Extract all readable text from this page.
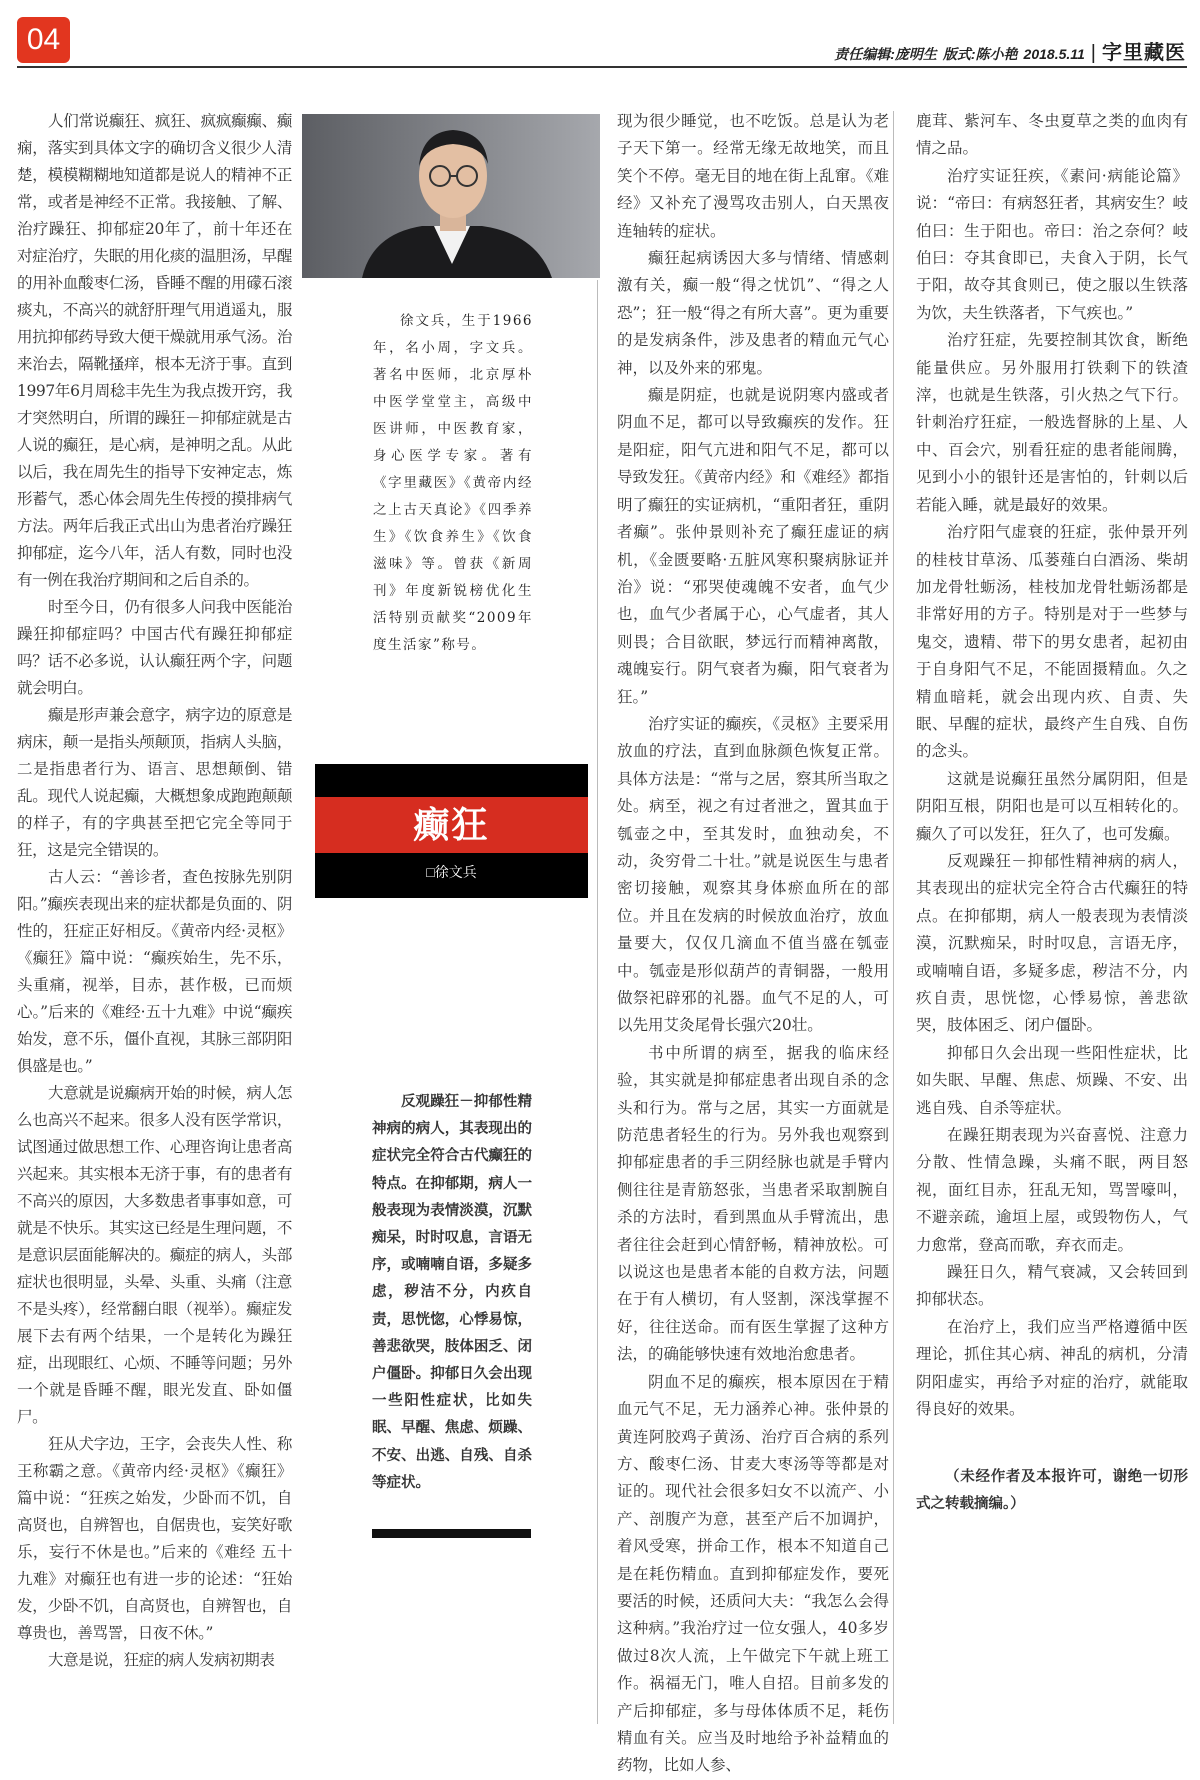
04	责任编辑:庞明生 版式:陈小艳 2018.5.11 | 字里藏医

人们常说癫狂、疯狂、疯疯癫癫、癫痫，落实到具体文字的确切含义很少人清楚，模模糊糊地知道都是说人的精神不正常，或者是神经不正常。我接触、了解、治疗躁狂、抑郁症20年了，前十年还在对症治疗，失眠的用化痰的温胆汤，早醒的用补血酸枣仁汤，昏睡不醒的用礞石滚痰丸，不高兴的就舒肝理气用逍遥丸，服用抗抑郁药导致大便干燥就用承气汤。治来治去，隔靴搔痒，根本无济于事。直到1997年6月周稔丰先生为我点拨开窍，我才突然明白，所谓的躁狂－抑郁症就是古人说的癫狂，是心病，是神明之乱。从此以后，我在周先生的指导下安神定志，炼形蓄气，悉心体会周先生传授的摸排病气方法。两年后我正式出山为患者治疗躁狂抑郁症，迄今八年，活人有数，同时也没有一例在我治疗期间和之后自杀的。

时至今日，仍有很多人问我中医能治躁狂抑郁症吗？中国古代有躁狂抑郁症吗？话不必多说，认认癫狂两个字，问题就会明白。

癫是形声兼会意字，病字边的原意是病床，颠一是指头颅颠顶，指病人头脑，二是指患者行为、语言、思想颠倒、错乱。现代人说起癫，大概想象成跑跑颠颠的样子，有的字典甚至把它完全等同于狂，这是完全错误的。

古人云：“善诊者，查色按脉先别阴阳。”癫疾表现出来的症状都是负面的、阴性的，狂症正好相反。《黄帝内经·灵枢》《癫狂》篇中说：“癫疾始生，先不乐，头重痛，视举，目赤，甚作极，已而烦心。”后来的《难经·五十九难》中说“癫疾始发，意不乐，僵仆直视，其脉三部阴阳俱盛是也。”

大意就是说癫病开始的时候，病人怎么也高兴不起来。很多人没有医学常识，试图通过做思想工作、心理咨询让患者高兴起来。其实根本无济于事，有的患者有不高兴的原因，大多数患者事事如意，可就是不快乐。其实这已经是生理问题，不是意识层面能解决的。癫症的病人，头部症状也很明显，头晕、头重、头痛（注意不是头疼），经常翻白眼（视举）。癫症发展下去有两个结果，一个是转化为躁狂症，出现眼红、心烦、不睡等问题；另外一个就是昏睡不醒，眼光发直、卧如僵尸。

狂从犬字边，王字，会丧失人性、称王称霸之意。《黄帝内经·灵枢》《癫狂》篇中说：“狂疾之始发，少卧而不饥，自高贤也，自辨智也，自倨贵也，妄笑好歌乐，妄行不休是也。”后来的《难经 五十九难》对癫狂也有进一步的论述：“狂始发，少卧不饥，自高贤也，自辨智也，自尊贵也，善骂詈，日夜不休。”

大意是说，狂症的病人发病初期表

徐文兵，生于1966年，名小周，字文兵。著名中医师，北京厚朴中医学堂堂主，高级中医讲师，中医教育家，身心医学专家。著有《字里藏医》《黄帝内经之上古天真论》《四季养生》《饮食养生》《饮食滋味》等。曾获《新周刊》年度新锐榜优化生活特别贡献奖“2009年度生活家”称号。

癫狂
□徐文兵

反观躁狂－抑郁性精神病的病人，其表现出的症状完全符合古代癫狂的特点。在抑郁期，病人一般表现为表情淡漠，沉默痴呆，时时叹息，言语无序，或喃喃自语，多疑多虑，秽洁不分，内疚自责，思恍惚，心悸易惊，善悲欲哭，肢体困乏、闭户僵卧。抑郁日久会出现一些阳性症状，比如失眠、早醒、焦虑、烦躁、不安、出逃、自残、自杀等症状。

现为很少睡觉，也不吃饭。总是认为老子天下第一。经常无缘无故地笑，而且笑个不停。毫无目的地在街上乱窜。《难经》又补充了漫骂攻击别人，白天黑夜连轴转的症状。

癫狂起病诱因大多与情绪、情感刺激有关，癫一般“得之忧饥”、“得之人恐”；狂一般“得之有所大喜”。更为重要的是发病条件，涉及患者的精血元气心神，以及外来的邪鬼。

癫是阴症，也就是说阴寒内盛或者阴血不足，都可以导致癫疾的发作。狂是阳症，阳气亢进和阳气不足，都可以导致发狂。《黄帝内经》和《难经》都指明了癫狂的实证病机，“重阳者狂，重阴者癫”。张仲景则补充了癫狂虚证的病机，《金匮要略·五脏风寒积聚病脉证并治》说：“邪哭使魂魄不安者，血气少也，血气少者属于心，心气虚者，其人则畏；合目欲眠，梦远行而精神离散，魂魄妄行。阴气衰者为癫，阳气衰者为狂。”

治疗实证的癫疾，《灵枢》主要采用放血的疗法，直到血脉颜色恢复正常。具体方法是：“常与之居，察其所当取之处。病至，视之有过者泄之，置其血于瓠壶之中，至其发时，血独动矣，不动，灸穷骨二十壮。”就是说医生与患者密切接触，观察其身体瘀血所在的部位。并且在发病的时候放血治疗，放血量要大，仅仅几滴血不值当盛在瓠壶中。瓠壶是形似葫芦的青铜器，一般用做祭祀辟邪的礼器。血气不足的人，可以先用艾灸尾骨长强穴20壮。

书中所谓的病至，据我的临床经验，其实就是抑郁症患者出现自杀的念头和行为。常与之居，其实一方面就是防范患者轻生的行为。另外我也观察到抑郁症患者的手三阴经脉也就是手臂内侧往往是青筋怒张，当患者采取割腕自杀的方法时，看到黑血从手臂流出，患者往往会赶到心情舒畅，精神放松。可以说这也是患者本能的自救方法，问题在于有人横切，有人竖割，深浅掌握不好，往往送命。而有医生掌握了这种方法，的确能够快速有效地治愈患者。

阴血不足的癫疾，根本原因在于精血元气不足，无力涵养心神。张仲景的黄连阿胶鸡子黄汤、治疗百合病的系列方、酸枣仁汤、甘麦大枣汤等等都是对证的。现代社会很多妇女不以流产、小产、剖腹产为意，甚至产后不加调护，着风受寒，拼命工作，根本不知道自己是在耗伤精血。直到抑郁症发作，要死要活的时候，还质问大夫：“我怎么会得这种病。”我治疗过一位女强人，40多岁做过8次人流，上午做完下午就上班工作。祸福无门，唯人自招。目前多发的产后抑郁症，多与母体体质不足，耗伤精血有关。应当及时地给予补益精血的药物，比如人参、

鹿茸、紫河车、冬虫夏草之类的血肉有情之品。

治疗实证狂疾，《素问·病能论篇》说：“帝曰：有病怒狂者，其病安生？岐伯曰：生于阳也。帝曰：治之奈何？岐伯曰：夺其食即已，夫食入于阴，长气于阳，故夺其食则已，使之服以生铁落为饮，夫生铁落者，下气疾也。”

治疗狂症，先要控制其饮食，断绝能量供应。另外服用打铁剩下的铁渣滓，也就是生铁落，引火热之气下行。针刺治疗狂症，一般选督脉的上星、人中、百会穴，别看狂症的患者能闹腾，见到小小的银针还是害怕的，针刺以后若能入睡，就是最好的效果。

治疗阳气虚衰的狂症，张仲景开列的桂枝甘草汤、瓜蒌薤白白酒汤、柴胡加龙骨牡蛎汤，桂枝加龙骨牡蛎汤都是非常好用的方子。特别是对于一些梦与鬼交，遗精、带下的男女患者，起初由于自身阳气不足，不能固摄精血。久之精血暗耗，就会出现内疚、自责、失眠、早醒的症状，最终产生自残、自伤的念头。

这就是说癫狂虽然分属阴阳，但是阴阳互根，阴阳也是可以互相转化的。癫久了可以发狂，狂久了，也可发癫。

反观躁狂－抑郁性精神病的病人，其表现出的症状完全符合古代癫狂的特点。在抑郁期，病人一般表现为表情淡漠，沉默痴呆，时时叹息，言语无序，或喃喃自语，多疑多虑，秽洁不分，内疚自责，思恍惚，心悸易惊，善悲欲哭，肢体困乏、闭户僵卧。

抑郁日久会出现一些阳性症状，比如失眠、早醒、焦虑、烦躁、不安、出逃自残、自杀等症状。

在躁狂期表现为兴奋喜悦、注意力分散、性情急躁，头痛不眠，两目怒视，面红目赤，狂乱无知，骂詈嚎叫，不避亲疏，逾垣上屋，或毁物伤人，气力愈常，登高而歌，弃衣而走。

躁狂日久，精气衰减，又会转回到抑郁状态。

在治疗上，我们应当严格遵循中医理论，抓住其心病、神乱的病机，分清阴阳虚实，再给予对症的治疗，就能取得良好的效果。

（未经作者及本报许可，谢绝一切形式之转载摘编。）
